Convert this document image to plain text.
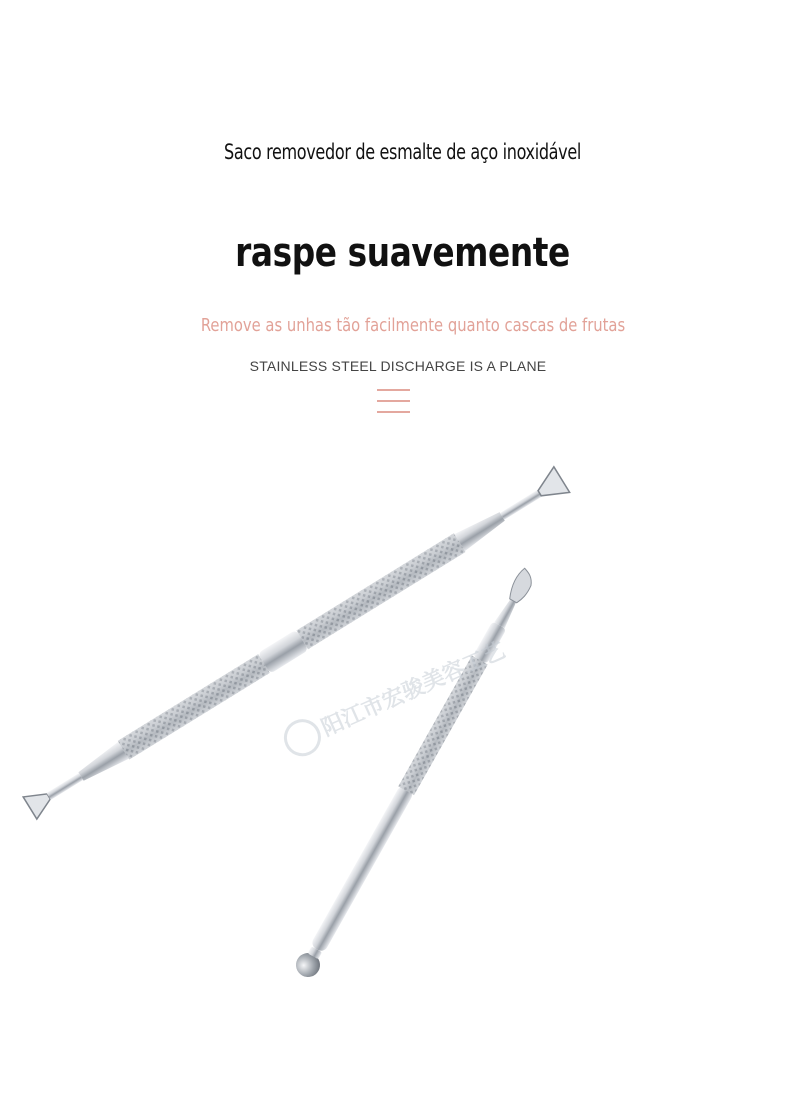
Saco removedor de esmalte de aço inoxidável
raspe suavemente
Remove as unhas tão facilmente quanto cascas de frutas
STAINLESS STEEL DISCHARGE IS A PLANE
阳江市宏骏美容工艺
